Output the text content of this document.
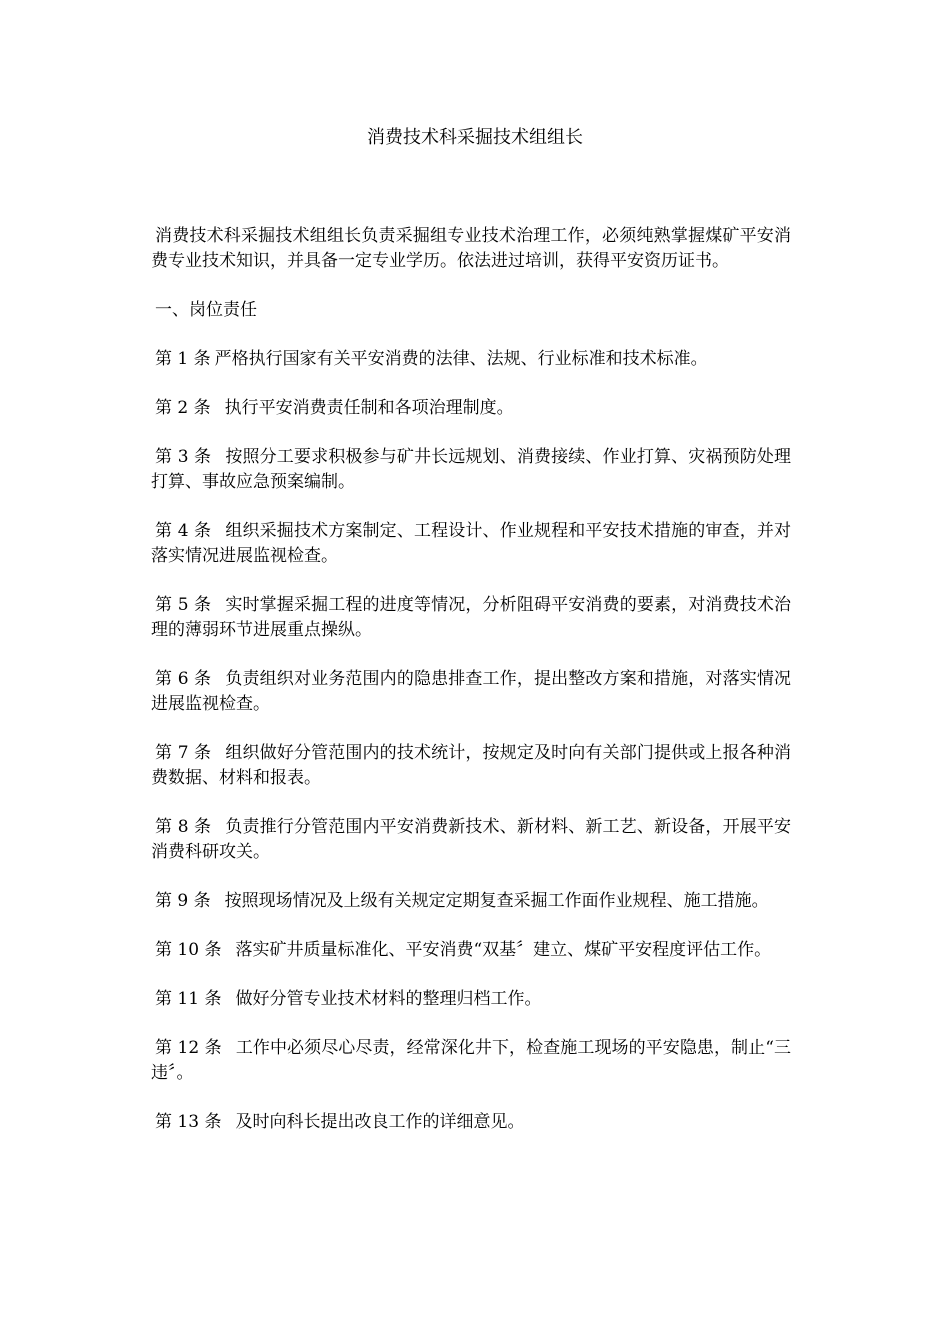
消费技术科采掘技术组组长

消费技术科采掘技术组组长负责采掘组专业技术治理工作，必须纯熟掌握煤矿平安消费专业技术知识，并具备一定专业学历。依法进过培训，获得平安资历证书。

一、岗位责任

第 1 条 严格执行国家有关平安消费的法律、法规、行业标准和技术标准。

第 2 条 执行平安消费责任制和各项治理制度。

第 3 条 按照分工要求积极参与矿井长远规划、消费接续、作业打算、灾祸预防处理打算、事故应急预案编制。

第 4 条 组织采掘技术方案制定、工程设计、作业规程和平安技术措施的审查，并对落实情况进展监视检查。

第 5 条 实时掌握采掘工程的进度等情况，分析阻碍平安消费的要素，对消费技术治理的薄弱环节进展重点操纵。

第 6 条 负责组织对业务范围内的隐患排查工作，提出整改方案和措施，对落实情况进展监视检查。

第 7 条 组织做好分管范围内的技术统计，按规定及时向有关部门提供或上报各种消费数据、材料和报表。

第 8 条 负责推行分管范围内平安消费新技术、新材料、新工艺、新设备，开展平安消费科研攻关。

第 9 条 按照现场情况及上级有关规定定期复查采掘工作面作业规程、施工措施。

第 10 条 落实矿井质量标准化、平安消费“双基〞建立、煤矿平安程度评估工作。

第 11 条 做好分管专业技术材料的整理归档工作。

第 12 条 工作中必须尽心尽责，经常深化井下，检查施工现场的平安隐患，制止“三违〞。

第 13 条 及时向科长提出改良工作的详细意见。
